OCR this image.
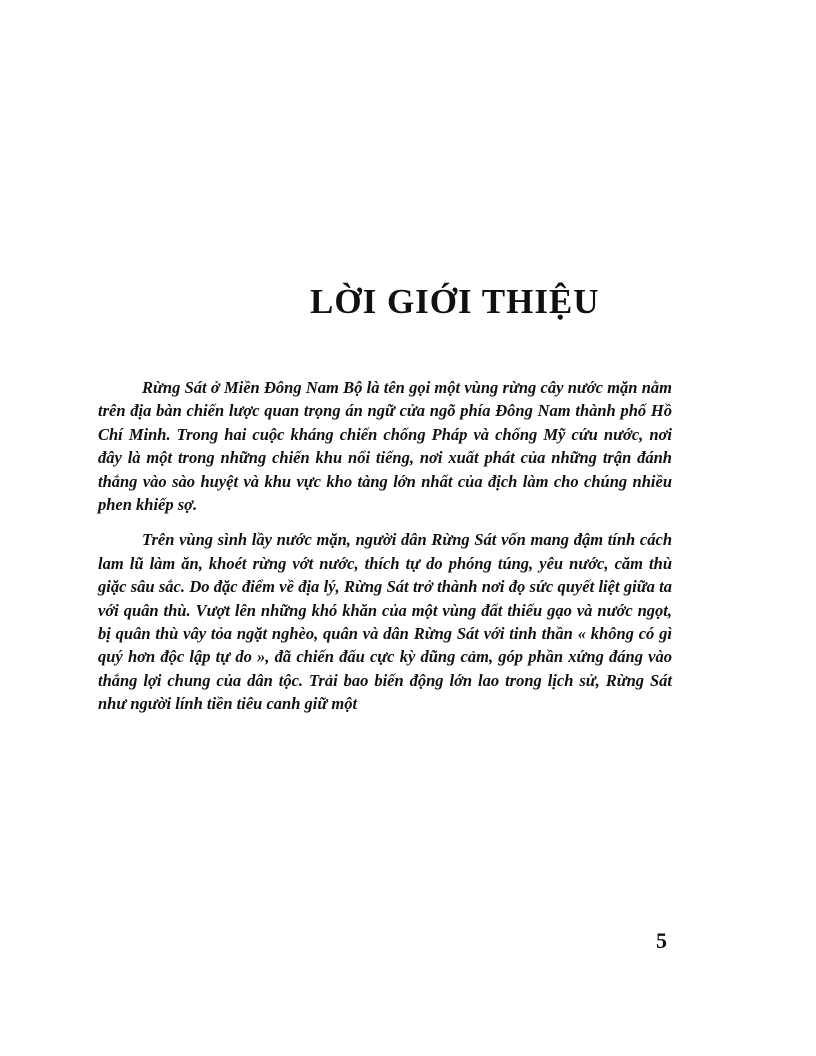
LỜI GIỚI THIỆU

Rừng Sát ở Miền Đông Nam Bộ là tên gọi một vùng rừng cây nước mặn nằm trên địa bàn chiến lược quan trọng án ngữ cửa ngõ phía Đông Nam thành phố Hồ Chí Minh. Trong hai cuộc kháng chiến chống Pháp và chống Mỹ cứu nước, nơi đây là một trong những chiến khu nổi tiếng, nơi xuất phát của những trận đánh thắng vào sào huyệt và khu vực kho tàng lớn nhất của địch làm cho chúng nhiều phen khiếp sợ.

Trên vùng sình lầy nước mặn, người dân Rừng Sát vốn mang đậm tính cách lam lũ làm ăn, khoét rừng vớt nước, thích tự do phóng túng, yêu nước, căm thù giặc sâu sắc. Do đặc điểm về địa lý, Rừng Sát trở thành nơi đọ sức quyết liệt giữa ta với quân thù. Vượt lên những khó khăn của một vùng đất thiếu gạo và nước ngọt, bị quân thù vây tỏa ngặt nghèo, quân và dân Rừng Sát với tinh thần « không có gì quý hơn độc lập tự do », đã chiến đấu cực kỳ dũng cảm, góp phần xứng đáng vào thắng lợi chung của dân tộc. Trải bao biến động lớn lao trong lịch sử, Rừng Sát như người lính tiền tiêu canh giữ một

5
